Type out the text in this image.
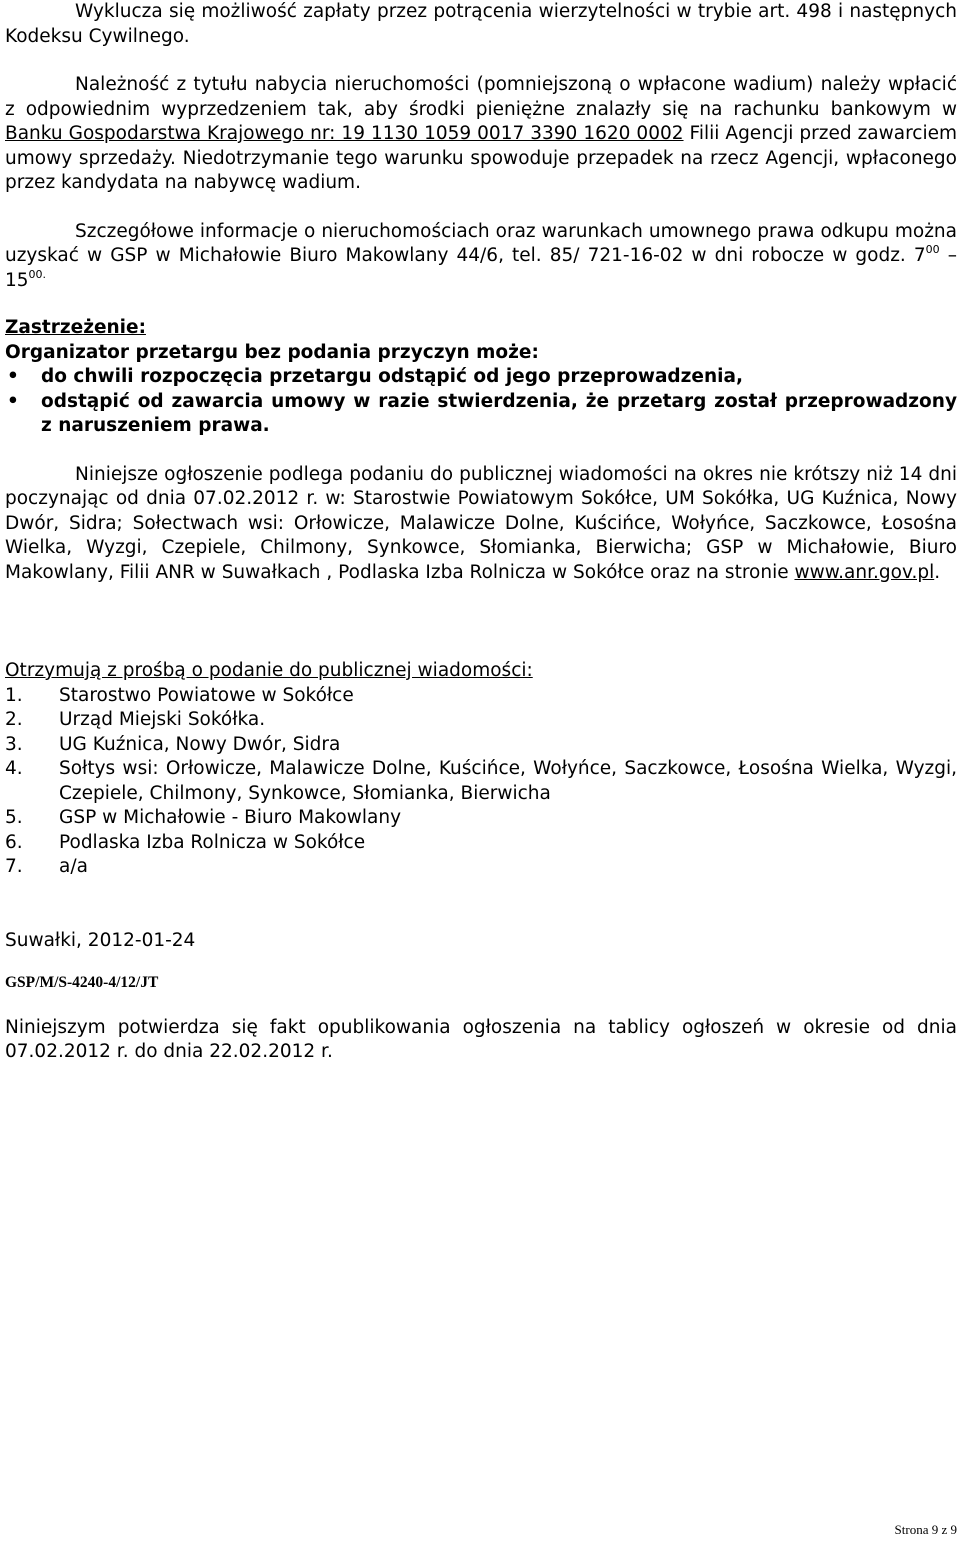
Wyklucza się możliwość zapłaty przez potrącenia wierzytelności w trybie art. 498 i następnych Kodeksu Cywilnego.

Należność z tytułu nabycia nieruchomości (pomniejszoną o wpłacone wadium) należy wpłacić z odpowiednim wyprzedzeniem tak, aby środki pieniężne znalazły się na rachunku bankowym w Banku Gospodarstwa Krajowego nr: 19 1130 1059 0017 3390 1620 0002 Filii Agencji przed zawarciem umowy sprzedaży. Niedotrzymanie tego warunku spowoduje przepadek na rzecz Agencji, wpłaconego przez kandydata na nabywcę wadium.

Szczegółowe informacje o nieruchomościach oraz warunkach umownego prawa odkupu można uzyskać w GSP w Michałowie Biuro Makowlany 44/6, tel. 85/ 721-16-02 w dni robocze w godz. $7^{00} - 15^{00.}$

Zastrzeżenie:

Organizator przetargu bez podania przyczyn może:

• do chwili rozpoczęcia przetargu odstąpić od jego przeprowadzenia,
• odstąpić od zawarcia umowy w razie stwierdzenia, że przetarg został przeprowadzony z naruszeniem prawa.

Niniejsze ogłoszenie podlega podaniu do publicznej wiadomości na okres nie krótszy niż 14 dni poczynając od dnia 07.02.2012 r. w: Starostwie Powiatowym Sokółce, UM Sokółka, UG Kuźnica, Nowy Dwór, Sidra; Sołectwach wsi: Orłowicze, Malawicze Dolne, Kuścińce, Wołyńce, Saczkowce, Łosośna Wielka, Wyzgi, Czepiele, Chilmony, Synkowce, Słomianka, Bierwicha; GSP w Michałowie, Biuro Makowlany, Filii ANR w Suwałkach , Podlaska Izba Rolnicza w Sokółce oraz na stronie www.anr.gov.pl.

Otrzymują z prośbą o podanie do publicznej wiadomości:

1. Starostwo Powiatowe w Sokółce
2. Urząd Miejski Sokółka.
3. UG Kuźnica, Nowy Dwór, Sidra
4. Sołtys wsi: Orłowicze, Malawicze Dolne, Kuścińce, Wołyńce, Saczkowce, Łosośna Wielka, Wyzgi, Czepiele, Chilmony, Synkowce, Słomianka, Bierwicha
5. GSP w Michałowie - Biuro Makowlany
6. Podlaska Izba Rolnicza w Sokółce
7. a/a

Suwałki, 2012-01-24

GSP/M/S-4240-4/12/JT

Niniejszym potwierdza się fakt opublikowania ogłoszenia na tablicy ogłoszeń w okresie od dnia 07.02.2012 r. do dnia 22.02.2012 r.

Strona 9 z 9
